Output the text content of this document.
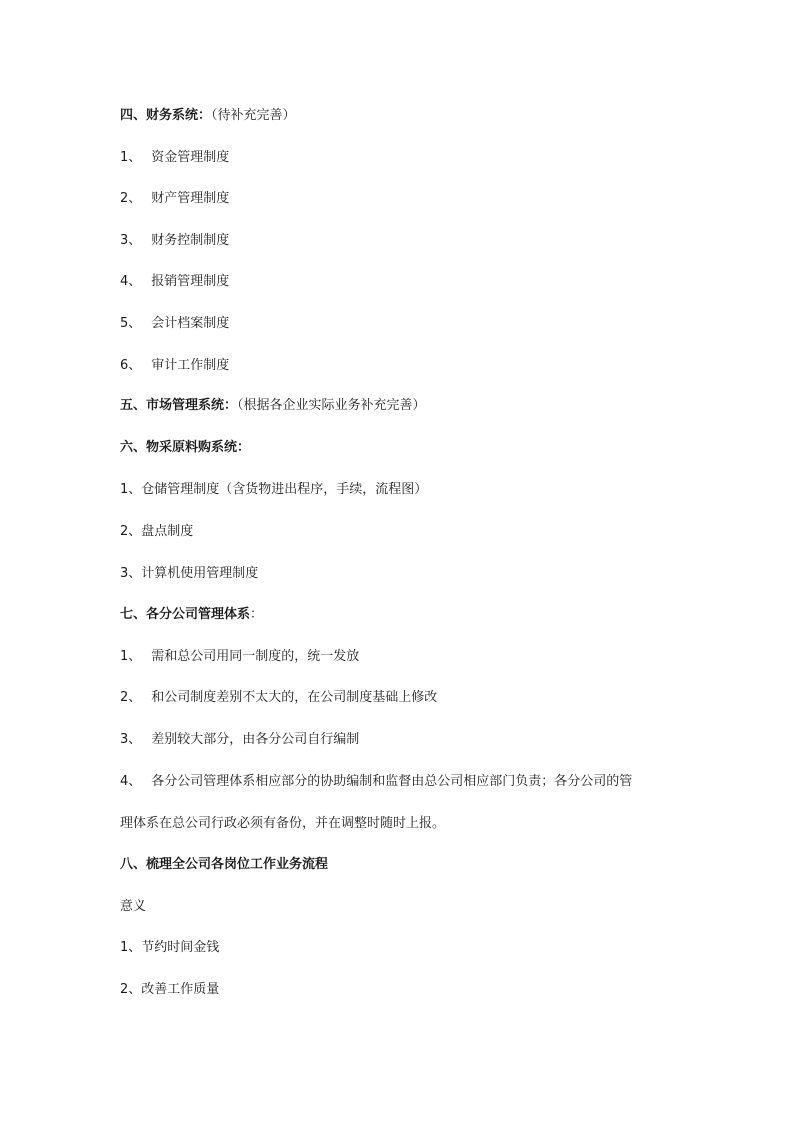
四、财务系统：（待补充完善）
1、 资金管理制度
2、 财产管理制度
3、 财务控制制度
4、 报销管理制度
5、 会计档案制度
6、 审计工作制度
五、市场管理系统：（根据各企业实际业务补充完善）
六、物采原料购系统：
1、仓储管理制度（含货物进出程序，手续，流程图）
2、盘点制度
3、计算机使用管理制度
七、各分公司管理体系：
1、 需和总公司用同一制度的，统一发放
2、 和公司制度差别不太大的，在公司制度基础上修改
3、 差别较大部分，由各分公司自行编制
4、 各分公司管理体系相应部分的协助编制和监督由总公司相应部门负责；各分公司的管
理体系在总公司行政必须有备份，并在调整时随时上报。
八、梳理全公司各岗位工作业务流程
意义
1、节约时间金钱
2、改善工作质量
